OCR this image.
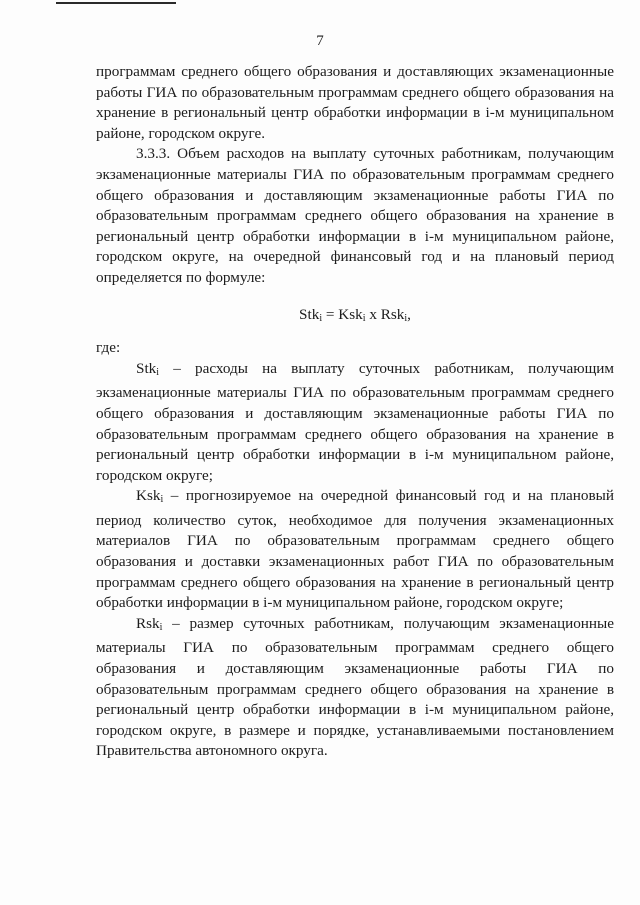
7

программам среднего общего образования и доставляющих экзаменационные работы ГИА по образовательным программам среднего общего образования на хранение в региональный центр обработки информации в i-м муниципальном районе, городском округе.

3.3.3. Объем расходов на выплату суточных работникам, получающим экзаменационные материалы ГИА по образовательным программам среднего общего образования и доставляющим экзаменационные работы ГИА по образовательным программам среднего общего образования на хранение в региональный центр обработки информации в i-м муниципальном районе, городском округе, на очередной финансовый год и на плановый период определяется по формуле:

Stk$_i$ = Ksk$_i$ x Rsk$_i$,

где:

Stk$_i$ – расходы на выплату суточных работникам, получающим экзаменационные материалы ГИА по образовательным программам среднего общего образования и доставляющим экзаменационные работы ГИА по образовательным программам среднего общего образования на хранение в региональный центр обработки информации в i-м муниципальном районе, городском округе;

Ksk$_i$ – прогнозируемое на очередной финансовый год и на плановый период количество суток, необходимое для получения экзаменационных материалов ГИА по образовательным программам среднего общего образования и доставки экзаменационных работ ГИА по образовательным программам среднего общего образования на хранение в региональный центр обработки информации в i-м муниципальном районе, городском округе;

Rsk$_i$ – размер суточных работникам, получающим экзаменационные материалы ГИА по образовательным программам среднего общего образования и доставляющим экзаменационные работы ГИА по образовательным программам среднего общего образования на хранение в региональный центр обработки информации в i-м муниципальном районе, городском округе, в размере и порядке, устанавливаемыми постановлением Правительства автономного округа.
